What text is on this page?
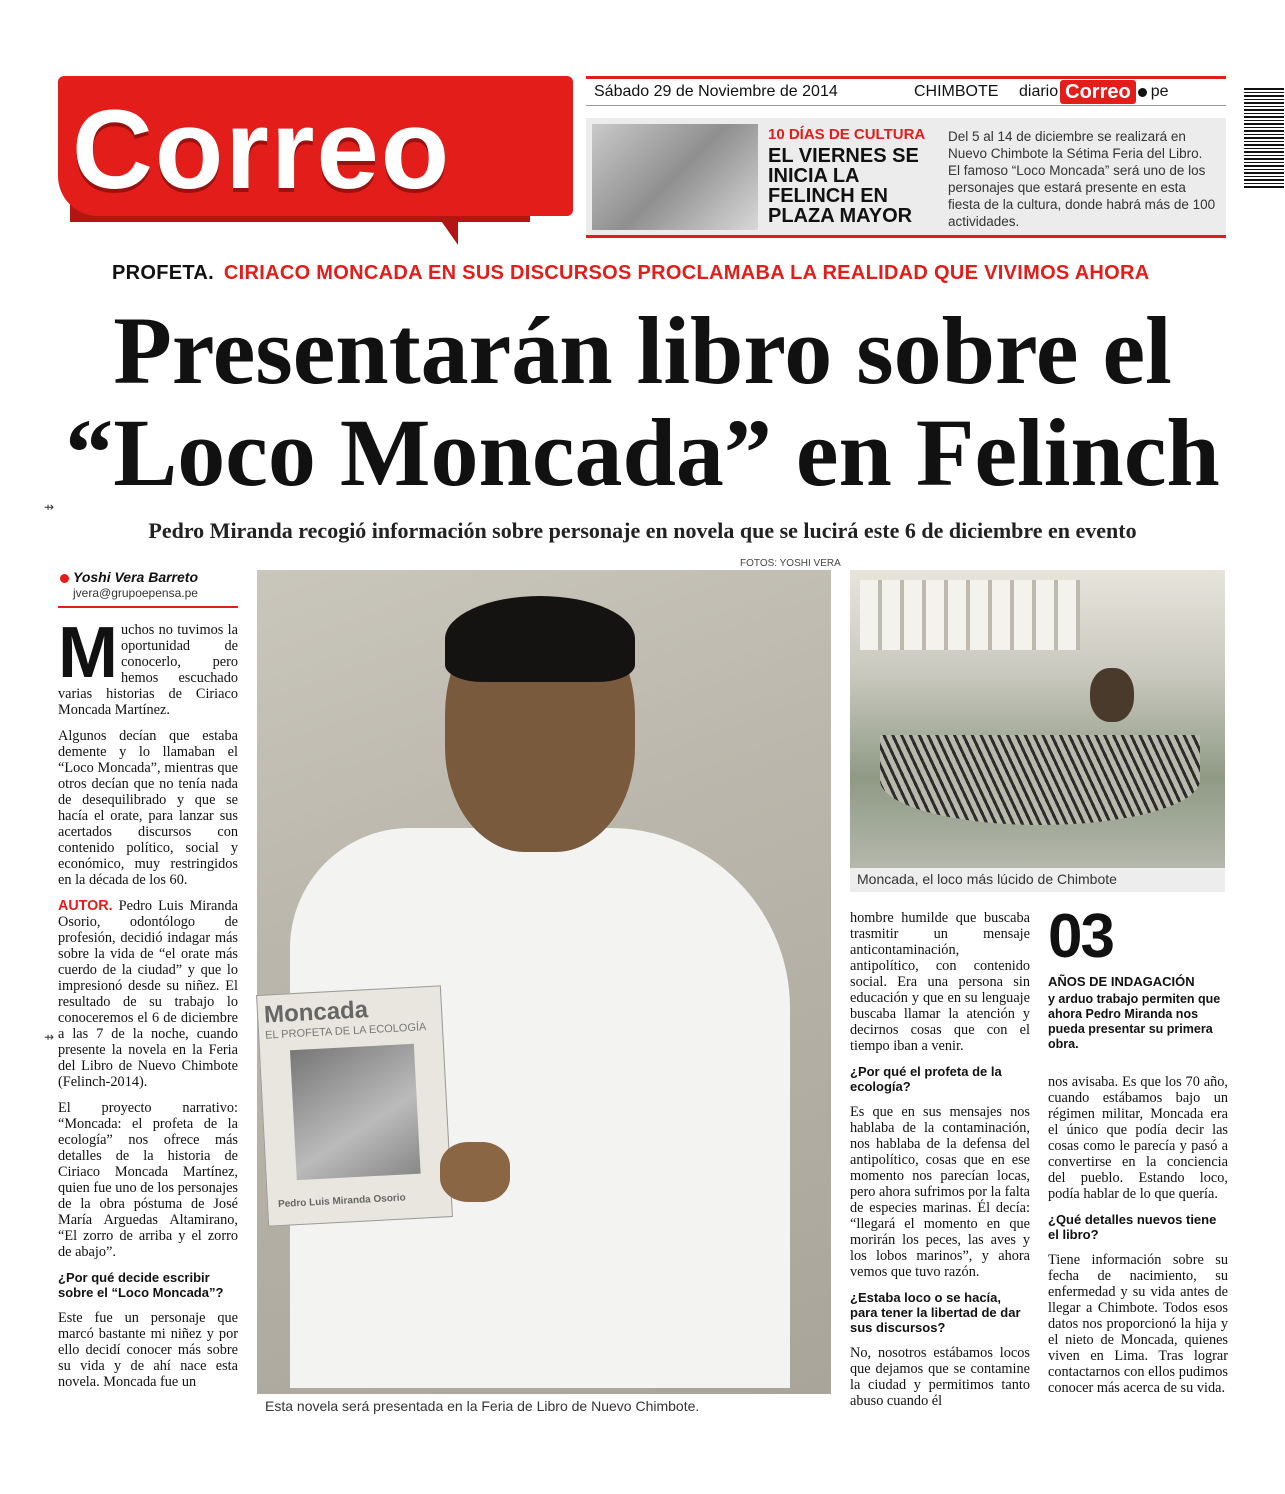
Correo	Sábado 29 de Noviembre de 2014	CHIMBOTE	diario Correo	pe
10 DÍAS DE CULTURA
EL VIERNES SE INICIA LA FELINCH EN PLAZA MAYOR
Del 5 al 14 de diciembre se realizará en Nuevo Chimbote la Sétima Feria del Libro. El famoso “Loco Moncada” será uno de los personajes que estará presente en esta fiesta de la cultura, donde habrá más de 100 actividades.
PROFETA. CIRIACO MONCADA EN SUS DISCURSOS PROCLAMABA LA REALIDAD QUE VIVIMOS AHORA
Presentarán libro sobre el “Loco Moncada” en Felinch
Pedro Miranda recogió información sobre personaje en novela que se lucirá este 6 de diciembre en evento
FOTOS: YOSHI VERA
Yoshi Vera Barreto
jvera@grupoepensa.pe

Muchos no tuvimos la oportunidad de conocerlo, pero hemos escuchado varias historias de Ciriaco Moncada Martínez.

Algunos decían que estaba demente y lo llamaban el “Loco Moncada”, mientras que otros decían que no tenía nada de desequilibrado y que se hacía el orate, para lanzar sus acertados discursos con contenido político, social y económico, muy restringidos en la década de los 60.

AUTOR. Pedro Luis Miranda Osorio, odontólogo de profesión, decidió indagar más sobre la vida de “el orate más cuerdo de la ciudad” y que lo impresionó desde su niñez. El resultado de su trabajo lo conoceremos el 6 de diciembre a las 7 de la noche, cuando presente la novela en la Feria del Libro de Nuevo Chimbote (Felinch-2014).

El proyecto narrativo: “Moncada: el profeta de la ecología” nos ofrece más detalles de la historia de Ciriaco Moncada Martínez, quien fue uno de los personajes de la obra póstuma de José María Arguedas Altamirano, “El zorro de arriba y el zorro de abajo”.

¿Por qué decide escribir sobre el “Loco Moncada”?

Este fue un personaje que marcó bastante mi niñez y por ello decidí conocer más sobre su vida y de ahí nace esta novela. Moncada fue un

Moncada
EL PROFETA DE LA ECOLOGÍA
Pedro Luis Miranda Osorio
Esta novela será presentada en la Feria de Libro de Nuevo Chimbote.
Moncada, el loco más lúcido de Chimbote

hombre humilde que buscaba trasmitir un mensaje anticontaminación, antipolítico, con contenido social. Era una persona sin educación y que en su lenguaje buscaba llamar la atención y decirnos cosas que con el tiempo iban a venir.

¿Por qué el profeta de la ecología?

Es que en sus mensajes nos hablaba de la contaminación, nos hablaba de la defensa del antipolítico, cosas que en ese momento nos parecían locas, pero ahora sufrimos por la falta de especies marinas. Él decía: “llegará el momento en que morirán los peces, las aves y los lobos marinos”, y ahora vemos que tuvo razón.

¿Estaba loco o se hacía, para tener la libertad de dar sus discursos?

No, nosotros estábamos locos que dejamos que se contamine la ciudad y permitimos tanto abuso cuando él

03
AÑOS DE INDAGACIÓN
y arduo trabajo permiten que ahora Pedro Miranda nos pueda presentar su primera obra.

nos avisaba. Es que los 70 año, cuando estábamos bajo un régimen militar, Moncada era el único que podía decir las cosas como le parecía y pasó a convertirse en la conciencia del pueblo. Estando loco, podía hablar de lo que quería.

¿Qué detalles nuevos tiene el libro?

Tiene información sobre su fecha de nacimiento, su enfermedad y su vida antes de llegar a Chimbote. Todos esos datos nos proporcionó la hija y el nieto de Moncada, quienes viven en Lima. Tras lograr contactarnos con ellos pudimos conocer más acerca de su vida.

⇸
⇸
